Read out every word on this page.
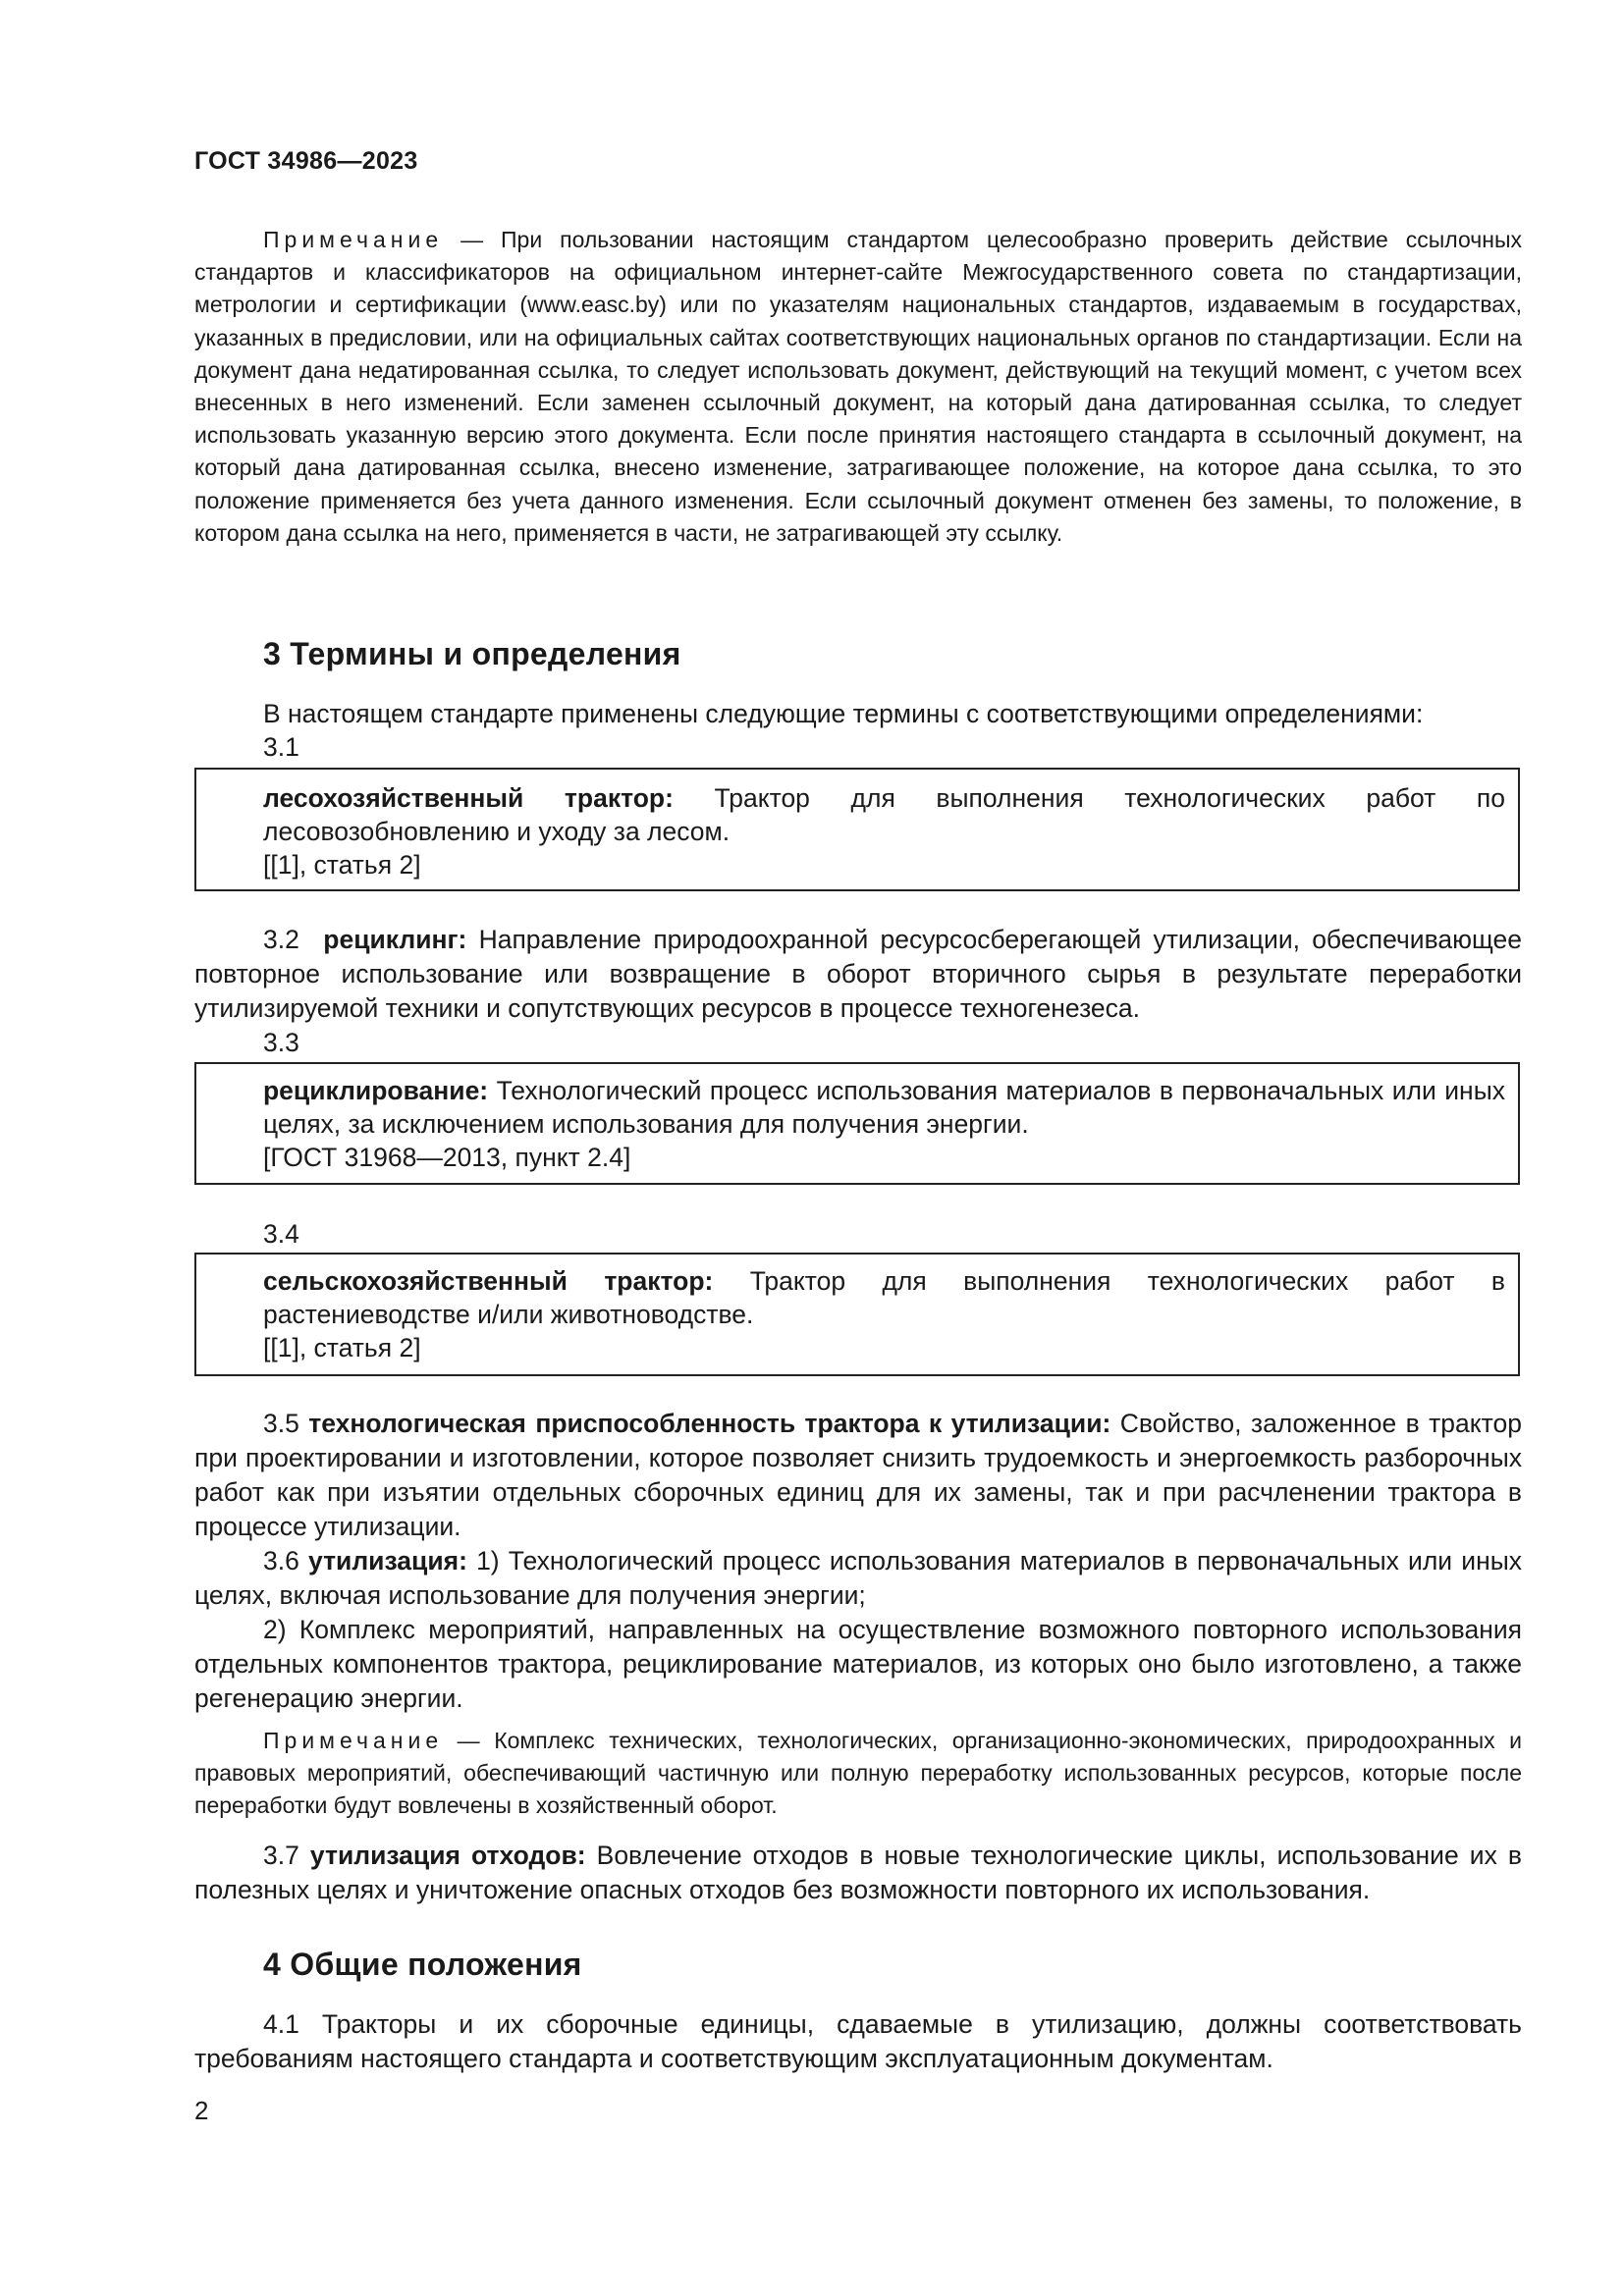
ГОСТ 34986—2023
Примечание — При пользовании настоящим стандартом целесообразно проверить действие ссылочных стандартов и классификаторов на официальном интернет-сайте Межгосударственного совета по стандартизации, метрологии и сертификации (www.easc.by) или по указателям национальных стандартов, издаваемым в государствах, указанных в предисловии, или на официальных сайтах соответствующих национальных органов по стандартизации. Если на документ дана недатированная ссылка, то следует использовать документ, действующий на текущий момент, с учетом всех внесенных в него изменений. Если заменен ссылочный документ, на который дана датированная ссылка, то следует использовать указанную версию этого документа. Если после принятия настоящего стандарта в ссылочный документ, на который дана датированная ссылка, внесено изменение, затрагивающее положение, на которое дана ссылка, то это положение применяется без учета данного изменения. Если ссылочный документ отменен без замены, то положение, в котором дана ссылка на него, применяется в части, не затрагивающей эту ссылку.
3 Термины и определения
В настоящем стандарте применены следующие термины с соответствующими определениями:
3.1
лесохозяйственный трактор: Трактор для выполнения технологических работ по лесовозобновлению и уходу за лесом.
[[1], статья 2]
3.2 рециклинг: Направление природоохранной ресурсосберегающей утилизации, обеспечивающее повторное использование или возвращение в оборот вторичного сырья в результате переработки утилизируемой техники и сопутствующих ресурсов в процессе техногенезеса.
3.3
рециклирование: Технологический процесс использования материалов в первоначальных или иных целях, за исключением использования для получения энергии.
[ГОСТ 31968—2013, пункт 2.4]
3.4
сельскохозяйственный трактор: Трактор для выполнения технологических работ в растениеводстве и/или животноводстве.
[[1], статья 2]
3.5 технологическая приспособленность трактора к утилизации: Свойство, заложенное в трактор при проектировании и изготовлении, которое позволяет снизить трудоемкость и энергоемкость разборочных работ как при изъятии отдельных сборочных единиц для их замены, так и при расчленении трактора в процессе утилизации.
3.6 утилизация: 1) Технологический процесс использования материалов в первоначальных или иных целях, включая использование для получения энергии;
2) Комплекс мероприятий, направленных на осуществление возможного повторного использования отдельных компонентов трактора, рециклирование материалов, из которых оно было изготовлено, а также регенерацию энергии.
Примечание — Комплекс технических, технологических, организационно-экономических, природоохранных и правовых мероприятий, обеспечивающий частичную или полную переработку использованных ресурсов, которые после переработки будут вовлечены в хозяйственный оборот.
3.7 утилизация отходов: Вовлечение отходов в новые технологические циклы, использование их в полезных целях и уничтожение опасных отходов без возможности повторного их использования.
4 Общие положения
4.1 Тракторы и их сборочные единицы, сдаваемые в утилизацию, должны соответствовать требованиям настоящего стандарта и соответствующим эксплуатационным документам.
2
